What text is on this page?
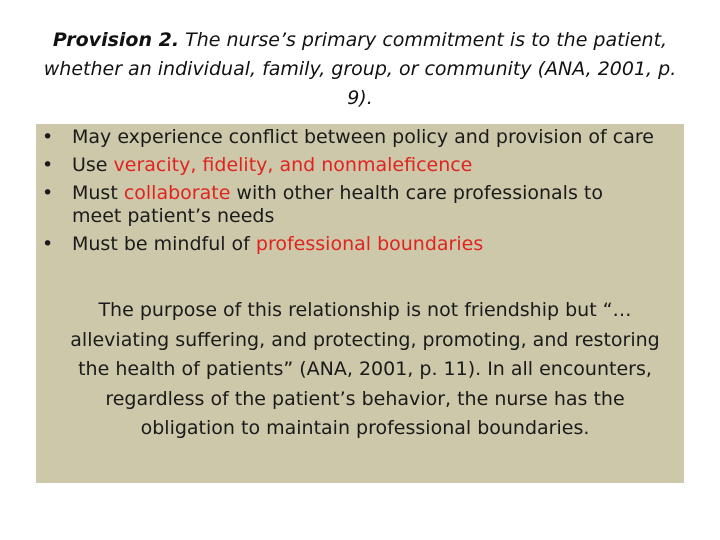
Provision 2. The nurse’s primary commitment is to the patient, whether an individual, family, group, or community (ANA, 2001, p. 9).
• May experience conflict between policy and provision of care
• Use veracity, fidelity, and nonmaleficence
• Must collaborate with other health care professionals to meet patient’s needs
• Must be mindful of professional boundaries

The purpose of this relationship is not friendship but “…alleviating suffering, and protecting, promoting, and restoring the health of patients” (ANA, 2001, p. 11). In all encounters, regardless of the patient’s behavior, the nurse has the obligation to maintain professional boundaries.
